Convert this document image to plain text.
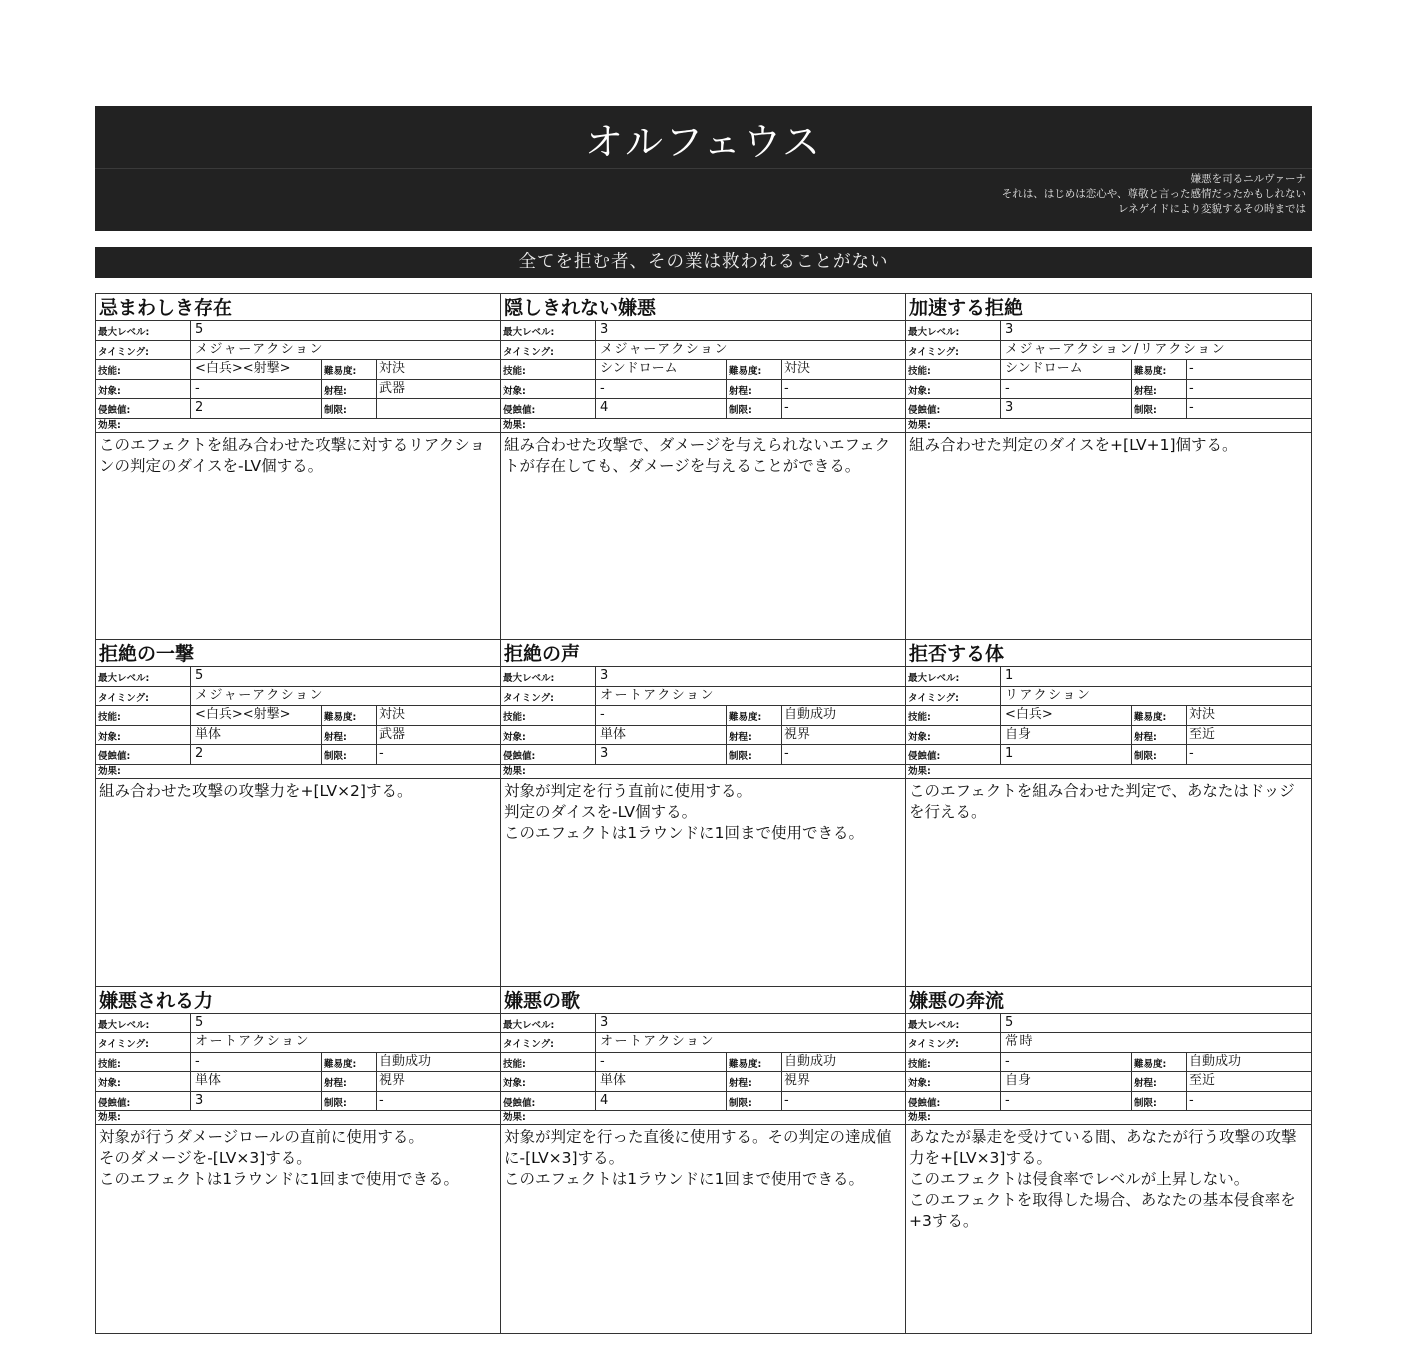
オルフェウス
嫌悪を司るニルヴァーナ
それは、はじめは恋心や、尊敬と言った感情だったかもしれない
レネゲイドにより変貌するその時までは
全てを拒む者、その業は救われることがない
忌まわしき存在
最大レベル:	5
タイミング:	メジャーアクション
技能:	<白兵><射撃>	難易度:	対決
対象:	-	射程:	武器
侵蝕値:	2	制限:
効果:
このエフェクトを組み合わせた攻撃に対するリアクションの判定のダイスを-LV個する。
隠しきれない嫌悪
最大レベル:	3
タイミング:	メジャーアクション
技能:	シンドローム	難易度:	対決
対象:	-	射程:	-
侵蝕値:	4	制限:	-
効果:
組み合わせた攻撃で、ダメージを与えられないエフェクトが存在しても、ダメージを与えることができる。
加速する拒絶
最大レベル:	3
タイミング:	メジャーアクション/リアクション
技能:	シンドローム	難易度:	-
対象:	-	射程:	-
侵蝕値:	3	制限:	-
効果:
組み合わせた判定のダイスを+[LV+1]個する。
拒絶の一撃
最大レベル:	5
タイミング:	メジャーアクション
技能:	<白兵><射撃>	難易度:	対決
対象:	単体	射程:	武器
侵蝕値:	2	制限:	-
効果:
組み合わせた攻撃の攻撃力を+[LV×2]する。
拒絶の声
最大レベル:	3
タイミング:	オートアクション
技能:	-	難易度:	自動成功
対象:	単体	射程:	視界
侵蝕値:	3	制限:	-
効果:
対象が判定を行う直前に使用する。
判定のダイスを-LV個する。
このエフェクトは1ラウンドに1回まで使用できる。
拒否する体
最大レベル:	1
タイミング:	リアクション
技能:	<白兵>	難易度:	対決
対象:	自身	射程:	至近
侵蝕値:	1	制限:	-
効果:
このエフェクトを組み合わせた判定で、あなたはドッジを行える。
嫌悪される力
最大レベル:	5
タイミング:	オートアクション
技能:	-	難易度:	自動成功
対象:	単体	射程:	視界
侵蝕値:	3	制限:	-
効果:
対象が行うダメージロールの直前に使用する。
そのダメージを-[LV×3]する。
このエフェクトは1ラウンドに1回まで使用できる。
嫌悪の歌
最大レベル:	3
タイミング:	オートアクション
技能:	-	難易度:	自動成功
対象:	単体	射程:	視界
侵蝕値:	4	制限:	-
効果:
対象が判定を行った直後に使用する。その判定の達成値に-[LV×3]する。
このエフェクトは1ラウンドに1回まで使用できる。
嫌悪の奔流
最大レベル:	5
タイミング:	常時
技能:	-	難易度:	自動成功
対象:	自身	射程:	至近
侵蝕値:	-	制限:	-
効果:
あなたが暴走を受けている間、あなたが行う攻撃の攻撃力を+[LV×3]する。
このエフェクトは侵食率でレベルが上昇しない。
このエフェクトを取得した場合、あなたの基本侵食率を+3する。
